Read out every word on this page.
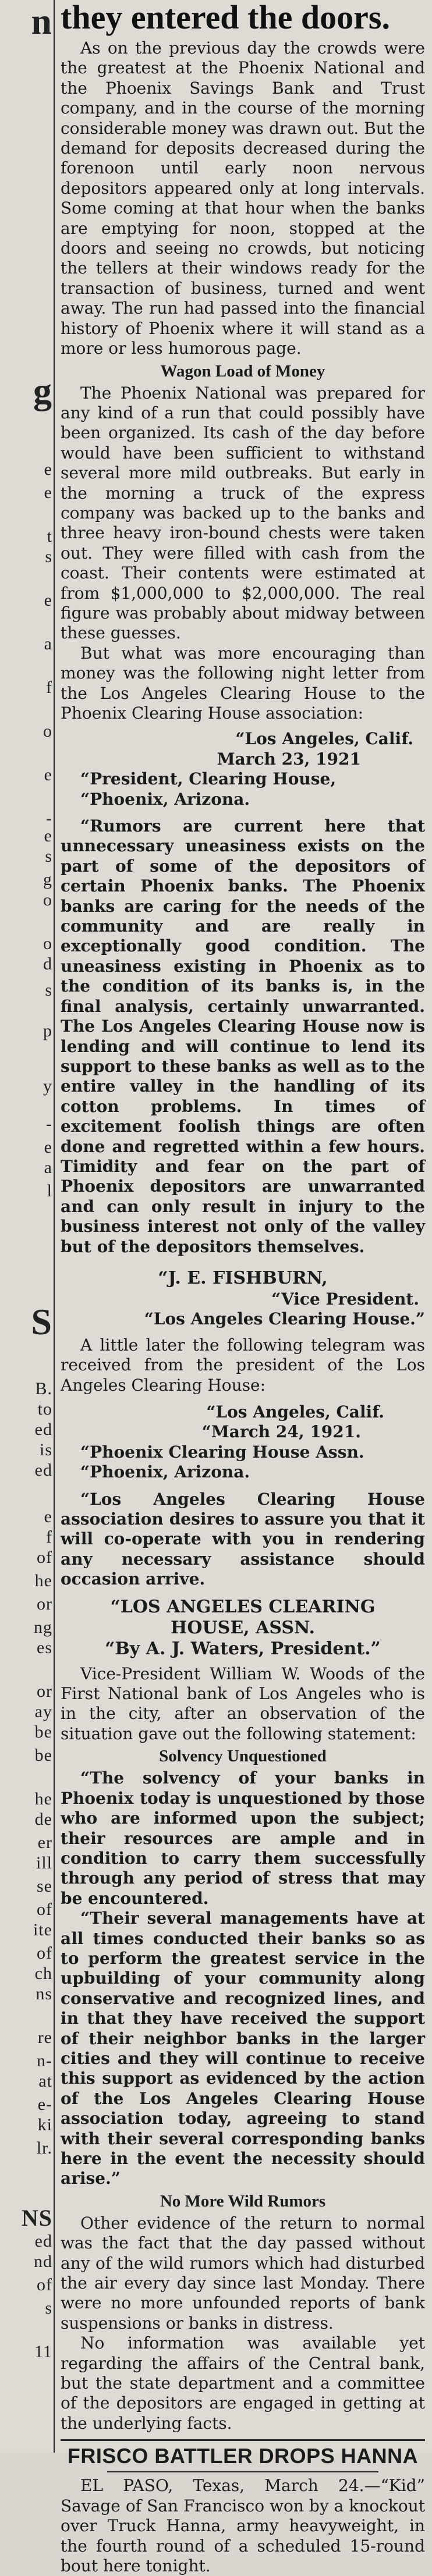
n
g
e
e
t
s
e
a
f
o
e
-
e
s
g
o
o
d
s
p
y
-
e
a
l
S
B.
to
ed
is
ed
e
f
of
he
or
ng
es
or
ay
be
be
he
de
er
ill
se
of
ite
of
ch
ns
re
n-
at
e-
ki
lr.
NS
ed
nd
of
s
11
they entered the doors.

As on the previous day the crowds were the greatest at the Phoenix National and the Phoenix Savings Bank and Trust company, and in the course of the morning considerable money was drawn out. But the demand for deposits decreased during the forenoon until early noon nervous depositors appeared only at long intervals. Some coming at that hour when the banks are emptying for noon, stopped at the doors and seeing no crowds, but noticing the tellers at their windows ready for the transaction of business, turned and went away. The run had passed into the financial history of Phoenix where it will stand as a more or less humorous page.

Wagon Load of Money

The Phoenix National was prepared for any kind of a run that could possibly have been organized. Its cash of the day before would have been sufficient to withstand several more mild outbreaks. But early in the morning a truck of the express company was backed up to the banks and three heavy iron-bound chests were taken out. They were filled with cash from the coast. Their contents were estimated at from $1,000,000 to $2,000,000. The real figure was probably about midway between these guesses.

But what was more encouraging than money was the following night letter from the Los Angeles Clearing House to the Phoenix Clearing House association:

“Los Angeles, Calif.
March 23, 1921
“President, Clearing House,
“Phoenix, Arizona.

“Rumors are current here that unnecessary uneasiness exists on the part of some of the depositors of certain Phoenix banks. The Phoenix banks are caring for the needs of the community and are really in exceptionally good condition. The uneasiness existing in Phoenix as to the condition of its banks is, in the final analysis, certainly unwarranted. The Los Angeles Clearing House now is lending and will continue to lend its support to these banks as well as to the entire valley in the handling of its cotton problems. In times of excitement foolish things are often done and regretted within a few hours. Timidity and fear on the part of Phoenix depositors are unwarranted and can only result in injury to the business interest not only of the valley but of the depositors themselves.

“J. E. FISHBURN,
“Vice President.
“Los Angeles Clearing House.”

A little later the following telegram was received from the president of the Los Angeles Clearing House:

“Los Angeles, Calif.
“March 24, 1921.
“Phoenix Clearing House Assn.
“Phoenix, Arizona.

“Los Angeles Clearing House association desires to assure you that it will co-operate with you in rendering any necessary assistance should occasion arrive.

“LOS ANGELES CLEARING
HOUSE, ASSN.
“By A. J. Waters, President.”

Vice-President William W. Woods of the First National bank of Los Angeles who is in the city, after an observation of the situation gave out the following statement:

Solvency Unquestioned

“The solvency of your banks in Phoenix today is unquestioned by those who are informed upon the subject; their resources are ample and in condition to carry them successfully through any period of stress that may be encountered.

“Their several managements have at all times conducted their banks so as to perform the greatest service in the upbuilding of your community along conservative and recognized lines, and in that they have received the support of their neighbor banks in the larger cities and they will continue to receive this support as evidenced by the action of the Los Angeles Clearing House association today, agreeing to stand with their several corresponding banks here in the event the necessity should arise.”

No More Wild Rumors

Other evidence of the return to normal was the fact that the day passed without any of the wild rumors which had disturbed the air every day since last Monday. There were no more unfounded reports of bank suspensions or banks in distress.

No information was available yet regarding the affairs of the Central bank, but the state department and a committee of the depositors are engaged in getting at the underlying facts.

FRISCO BATTLER DROPS HANNA

EL PASO, Texas, March 24.—“Kid” Savage of San Francisco won by a knockout over Truck Hanna, army heavyweight, in the fourth round of a scheduled 15-round bout here tonight.
